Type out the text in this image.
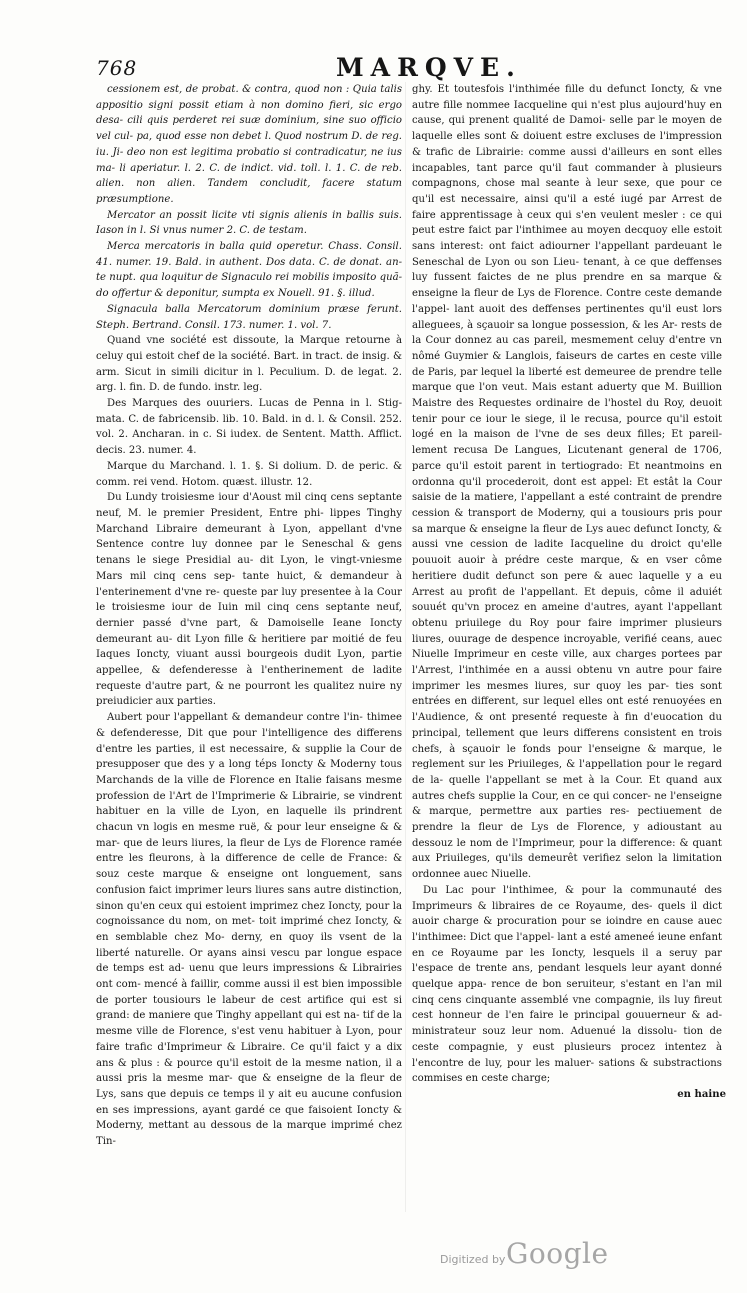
768	MARQVE.

cessionem est, de probat. & contra, quod non : Quia talis appositio signi possit etiam à non domino fieri, sic ergo desa- cili quis perderet rei suæ dominium, sine suo officio vel cul- pa, quod esse non debet l. Quod nostrum D. de reg. iu. Ji- deo non est legitima probatio si contradicatur, ne ius ma- li aperiatur. l. 2. C. de indict. vid. toll. l. 1. C. de reb. alien. non alien. Tandem concludit, facere statum præsumptione.

Mercator an possit licite vti signis alienis in ballis suis. Iason in l. Si vnus numer 2. C. de testam.

Merca mercatoris in balla quid operetur. Chass. Consil. 41. numer. 19. Bald. in authent. Dos data. C. de donat. an- te nupt. qua loquitur de Signaculo rei mobilis imposito quã- do offertur & deponitur, sumpta ex Nouell. 91. §. illud.

Signacula balla Mercatorum dominium præse ferunt. Steph. Bertrand. Consil. 173. numer. 1. vol. 7.

Quand vne société est dissoute, la Marque retourne à celuy qui estoit chef de la société. Bart. in tract. de insig. & arm. Sicut in simili dicitur in l. Peculium. D. de legat. 2. arg. l. fin. D. de fundo. instr. leg.

Des Marques des ouuriers. Lucas de Penna in l. Stig- mata. C. de fabricensib. lib. 10. Bald. in d. l. & Consil. 252. vol. 2. Ancharan. in c. Si iudex. de Sentent. Matth. Afflict. decis. 23. numer. 4.

Marque du Marchand. l. 1. §. Si dolium. D. de peric. & comm. rei vend. Hotom. quæst. illustr. 12.

Du Lundy troisiesme iour d'Aoust mil cinq cens septante neuf, M. le premier President, Entre phi- lippes Tinghy Marchand Libraire demeurant à Lyon, appellant d'vne Sentence contre luy donnee par le Seneschal & gens tenans le siege Presidial au- dit Lyon, le vingt-vniesme Mars mil cinq cens sep- tante huict, & demandeur à l'enterinement d'vne re- queste par luy presentee à la Cour le troisiesme iour de Iuin mil cinq cens septante neuf, dernier passé d'vne part, & Damoiselle Ieane Ioncty demeurant au- dit Lyon fille & heritiere par moitié de feu Iaques Ioncty, viuant aussi bourgeois dudit Lyon, partie appellee, & defenderesse à l'entherinement de ladite requeste d'autre part, & ne pourront les qualitez nuire ny preiudicier aux parties.

Aubert pour l'appellant & demandeur contre l'in- thimee & defenderesse, Dit que pour l'intelligence des differens d'entre les parties, il est necessaire, & supplie la Cour de presupposer que des y a long téps Ioncty & Moderny tous Marchands de la ville de Florence en Italie faisans mesme profession de l'Art de l'Imprimerie & Librairie, se vindrent habituer en la ville de Lyon, en laquelle ils prindrent chacun vn logis en mesme ruë, & pour leur enseigne & & mar- que de leurs liures, la fleur de Lys de Florence ramée entre les fleurons, à la difference de celle de France: & souz ceste marque & enseigne ont longuement, sans confusion faict imprimer leurs liures sans autre distinction, sinon qu'en ceux qui estoient imprimez chez Ioncty, pour la cognoissance du nom, on met- toit imprimé chez Ioncty, & en semblable chez Mo- derny, en quoy ils vsent de la liberté naturelle. Or ayans ainsi vescu par longue espace de temps est ad- uenu que leurs impressions & Librairies ont com- mencé à faillir, comme aussi il est bien impossible de porter tousiours le labeur de cest artifice qui est si grand: de maniere que Tinghy appellant qui est na- tif de la mesme ville de Florence, s'est venu habituer à Lyon, pour faire trafic d'Imprimeur & Libraire. Ce qu'il faict y a dix ans & plus : & pource qu'il estoit de la mesme nation, il a aussi pris la mesme mar- que & enseigne de la fleur de Lys, sans que depuis ce temps il y ait eu aucune confusion en ses impressions, ayant gardé ce que faisoient Ioncty & Moderny, mettant au dessous de la marque imprimé chez Tin-

ghy. Et toutesfois l'inthimée fille du defunct Ioncty, & vne autre fille nommee Iacqueline qui n'est plus aujourd'huy en cause, qui prenent qualité de Damoi- selle par le moyen de laquelle elles sont & doiuent estre excluses de l'impression & trafic de Librairie: comme aussi d'ailleurs en sont elles incapables, tant parce qu'il faut commander à plusieurs compagnons, chose mal seante à leur sexe, que pour ce qu'il est necessaire, ainsi qu'il a esté iugé par Arrest de faire apprentissage à ceux qui s'en veulent mesler : ce qui peut estre faict par l'inthimee au moyen decquoy elle estoit sans interest: ont faict adiourner l'appellant pardeuant le Seneschal de Lyon ou son Lieu- tenant, à ce que deffenses luy fussent faictes de ne plus prendre en sa marque & enseigne la fleur de Lys de Florence. Contre ceste demande l'appel- lant auoit des deffenses pertinentes qu'il eust lors alleguees, à sçauoir sa longue possession, & les Ar- rests de la Cour donnez au cas pareil, mesmement celuy d'entre vn nômé Guymier & Langlois, faiseurs de cartes en ceste ville de Paris, par lequel la liberté est demeuree de prendre telle marque que l'on veut. Mais estant aduerty que M. Buillion Maistre des Requestes ordinaire de l'hostel du Roy, deuoit tenir pour ce iour le siege, il le recusa, pource qu'il estoit logé en la maison de l'vne de ses deux filles; Et pareil- lement recusa De Langues, Licutenant general de 1706, parce qu'il estoit parent in tertiogrado: Et neantmoins en ordonna qu'il procederoit, dont est appel: Et estât la Cour saisie de la matiere, l'appellant a esté contraint de prendre cession & transport de Moderny, qui a tousiours pris pour sa marque & enseigne la fleur de Lys auec defunct Ioncty, & aussi vne cession de ladite Iacqueline du droict qu'elle pouuoit auoir à prédre ceste marque, & en vser côme heritiere dudit defunct son pere & auec laquelle y a eu Arrest au profit de l'appellant. Et depuis, côme il aduiét souuét qu'vn procez en ameine d'autres, ayant l'appellant obtenu priuilege du Roy pour faire imprimer plusieurs liures, ouurage de despence incroyable, verifié ceans, auec Niuelle Imprimeur en ceste ville, aux charges portees par l'Arrest, l'inthimée en a aussi obtenu vn autre pour faire imprimer les mesmes liures, sur quoy les par- ties sont entrées en different, sur lequel elles ont esté renuoyées en l'Audience, & ont presenté requeste à fin d'euocation du principal, tellement que leurs differens consistent en trois chefs, à sçauoir le fonds pour l'enseigne & marque, le reglement sur les Priuileges, & l'appellation pour le regard de la- quelle l'appellant se met à la Cour. Et quand aux autres chefs supplie la Cour, en ce qui concer- ne l'enseigne & marque, permettre aux parties res- pectiuement de prendre la fleur de Lys de Florence, y adioustant au dessouz le nom de l'Imprimeur, pour la difference: & quant aux Priuileges, qu'ils demeurêt verifiez selon la limitation ordonnee auec Niuelle.

Du Lac pour l'inthimee, & pour la communauté des Imprimeurs & libraires de ce Royaume, des- quels il dict auoir charge & procuration pour se ioindre en cause auec l'inthimee: Dict que l'appel- lant a esté ameneé ieune enfant en ce Royaume par les Ioncty, lesquels il a seruy par l'espace de trente ans, pendant lesquels leur ayant donné quelque appa- rence de bon seruiteur, s'estant en l'an mil cinq cens cinquante assemblé vne compagnie, ils luy fireut cest honneur de l'en faire le principal gouuerneur & ad- ministrateur souz leur nom. Aduenué la dissolu- tion de ceste compagnie, y eust plusieurs procez intentez à l'encontre de luy, pour les maluer- sations & substractions commises en ceste charge;

en haine

Digitized by Google
